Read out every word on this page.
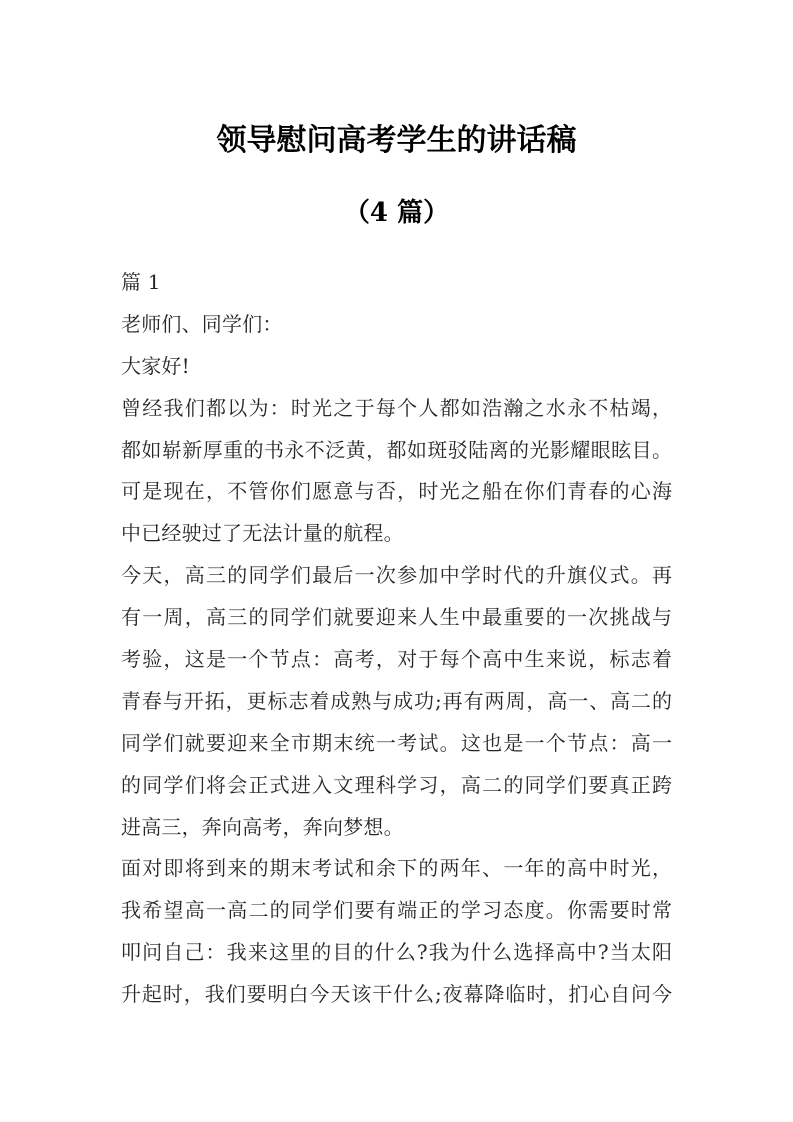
领导慰问高考学生的讲话稿
（4 篇）
篇 1
老师们、同学们：
大家好!
曾经我们都以为：时光之于每个人都如浩瀚之水永不枯竭，
都如崭新厚重的书永不泛黄，都如斑驳陆离的光影耀眼眩目。
可是现在，不管你们愿意与否，时光之船在你们青春的心海
中已经驶过了无法计量的航程。
今天，高三的同学们最后一次参加中学时代的升旗仪式。再
有一周，高三的同学们就要迎来人生中最重要的一次挑战与
考验，这是一个节点：高考，对于每个高中生来说，标志着
青春与开拓，更标志着成熟与成功;再有两周，高一、高二的
同学们就要迎来全市期末统一考试。这也是一个节点：高一
的同学们将会正式进入文理科学习，高二的同学们要真正跨
进高三，奔向高考，奔向梦想。
面对即将到来的期末考试和余下的两年、一年的高中时光，
我希望高一高二的同学们要有端正的学习态度。你需要时常
叩问自己：我来这里的目的什么?我为什么选择高中?当太阳
升起时，我们要明白今天该干什么;夜幕降临时，扪心自问今
